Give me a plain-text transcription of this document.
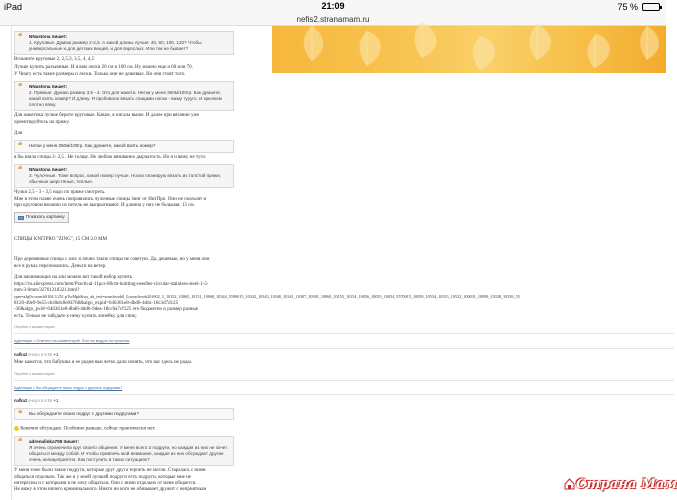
iPad	21:09	75 %
nefis2.stranamam.ru
❝ NNastona пишет:
1. Круговые. Думаю размер 2-2,5. А какой длины лучше: 40, 60, 100, 120? Чтобы универсальные и для детских вещей, и для взрослых. Или так не бывает?

Возьмите круговые 2, 2,5,3, 3,5, 4, 4,5

Лучше купить разъемные. И я вам лески 20 см и 100 см. Ну можно еще и 60 или 70.

У Чиагу есть такие размеры и лески. Только они не дешевые. Но они стоят того.

❝ NNastona пишет:
2. Прямые. Думаю размер 3,5 - 4. Это для жакета. Нитки у меня 350м/100гр. Как думаете, какой взять номер? И длину. Я пробовала вязать спицами носки - вжму туууго. И крючком плотно вяжу.

Для жакетика лучше берите круговые. Какие, я писала выше. И далее при вязании уже ориентируйтесь на пряжу.

Для

❝ Нитки у меня 350м/100гр. Как думаете, какой взять номер?

я бы взяла спицы 2- 2,5 . Не толще. Не люблю вязиванно дырчатость. Но я и вяжу не туго.

❝ NNastona пишет:
3. Чулочные. Тоже вопрос, какой номер лучше. Носки планирую вязать из толстой пряжи, обычные шерстяные, теплые.

Чулки 2,5 - 3 - 3,5 надо по пряже смотреть.

Мне в этом плане очень понравились чулочные спицы Зинг от НитПро. Они не скользят и

при круговом вязании из петель не выпрыгивают. И длинна у них не большая. 15 см.

Показать картинку
СПИЦЫ KNITPRO "ZING", 15 СМ 2.0 ММ

Про деревянные спицы с али: я лично такие спицы не советую. Да, дешевые, но у меня они

все в руках переломались. Деньги на ветер.

Для начинающих на али можно вот такой набор купить

https://ru.aliexpress.com/item/Practical-11pcs-80cm-knitting-needles-circular-stainless-steel-1-5-

mm-3-0mm/32761318321.html?

spm=a2g0v.search0104.3.251.pTwMpk&ws_ab_test=searchweb0_0,searchweb201602_3_10152_10065_10151_10068_10344_5590015_10342_10343_10340_10341_10307_10301_10060_10155_10154_10056_10055_10054_5570015_10059_10534_10533_10532_100031_10099_10338_10339_55

8120-49e9-9e55-dcdbdc8e04768&algo_expid=646361e8-dbd6-4ddc-18c3d7d125

-36&algo_pvid=646361e8-dbd6-4dd6-9dea-18cc0a7cf125 это бюджетно и размер разные

есть. Только не забудьте к нему купить линейку для спиц.

Перейти к комментарию
Адаптация > Ответить на комментарий. Этот же модуль на прошлом
nafka2 вчера в 8:55 +1

Мне кажется, что бабушка и ее родня вам четко дали понять, что вас здесь не рады.

Перейти к комментарию
Адаптация > Вы обсуждаете своих подруг с другими подругами?
nafka2 вчера в 8:55 +1
❝ Вы обсуждаете своих подруг с другими подругами?

Конечно обсуждаю. Особенно раньше, сейчас практически нет.

❝ adrenalinka709 пишет:
Я очень ограничила круг своего общения. У меня всего 3 подруги, но каждая из них не хочет общаться между собой. И чтобы привлечь мой внимание, каждая из них обсуждает другие очень нелицеприятно. Как поступить в таких ситуациях?

У меня тоже были такие подруги, которые друг друга терпеть не могли. Старалась с ними

общаться отдельно. Так же и у моей лучшей подруги есть подруги, которые мне не

интересны и с которыми я не хочу общаться. Они с ними отдельно от меня общается.

Не вижу в этом ничего криминального. Никто ни кого не обязывает дружит с неприятным	Страна Мам
